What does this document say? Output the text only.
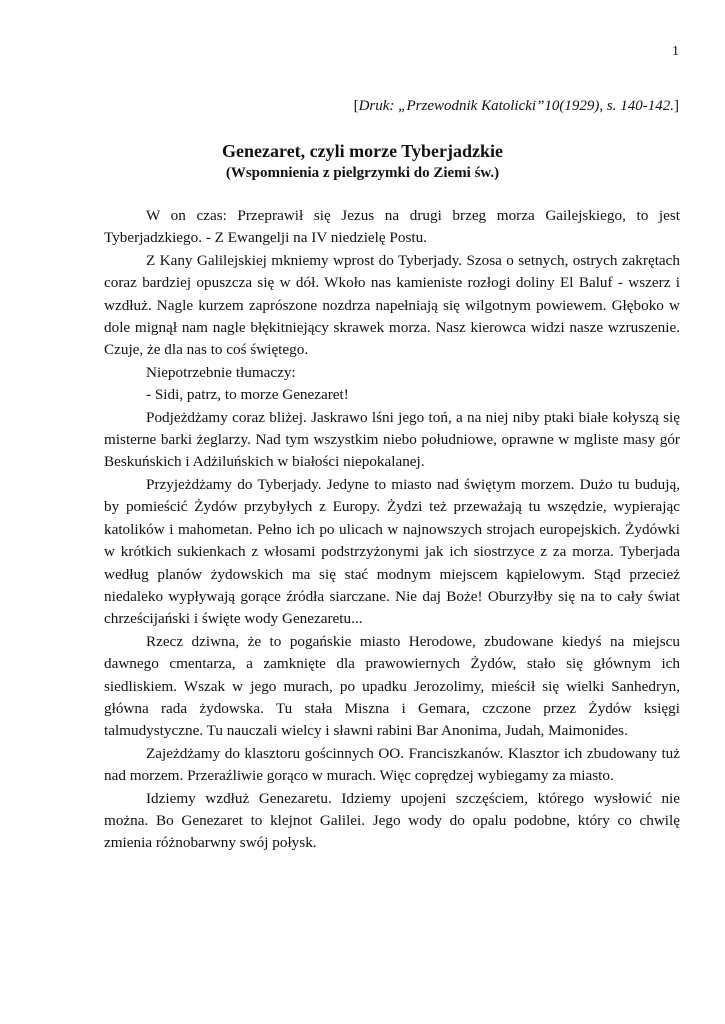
1
[Druk: „Przewodnik Katolicki”10(1929), s. 140-142.]
Genezaret, czyli morze Tyberjadzkie
(Wspomnienia z pielgrzymki do Ziemi św.)

W on czas: Przeprawił się Jezus na drugi brzeg morza Gailejskiego, to jest Tyberjadzkiego. - Z Ewangelji na IV niedzielę Postu.

Z Kany Galilejskiej mkniemy wprost do Tyberjady. Szosa o setnych, ostrych zakrętach coraz bardziej opuszcza się w dół. Wkoło nas kamieniste rozłogi doliny El Baluf - wszerz i wzdłuż. Nagle kurzem zaprószone nozdrza napełniają się wilgotnym powiewem. Głęboko w dole mignął nam nagle błękitniejący skrawek morza. Nasz kierowca widzi nasze wzruszenie. Czuje, że dla nas to coś świętego.

Niepotrzebnie tłumaczy:

- Sidi, patrz, to morze Genezaret!

Podjeżdżamy coraz bliżej. Jaskrawo lśni jego toń, a na niej niby ptaki białe kołyszą się misterne barki żeglarzy. Nad tym wszystkim niebo południowe, oprawne w mgliste masy gór Beskuńskich i Adżiluńskich w białości niepokalanej.

Przyjeżdżamy do Tyberjady. Jedyne to miasto nad świętym morzem. Dużo tu budują, by pomieścić Żydów przybyłych z Europy. Żydzi też przeważają tu wszędzie, wypierając katolików i mahometan. Pełno ich po ulicach w najnowszych strojach europejskich. Żydówki w krótkich sukienkach z włosami podstrzyżonymi jak ich siostrzyce z za morza. Tyberjada według planów żydowskich ma się stać modnym miejscem kąpielowym. Stąd przecież niedaleko wypływają gorące źródła siarczane. Nie daj Boże! Oburzyłby się na to cały świat chrześcijański i święte wody Genezaretu...

Rzecz dziwna, że to pogańskie miasto Herodowe, zbudowane kiedyś na miejscu dawnego cmentarza, a zamknięte dla prawowiernych Żydów, stało się głównym ich siedliskiem. Wszak w jego murach, po upadku Jerozolimy, mieścił się wielki Sanhedryn, główna rada żydowska. Tu stała Miszna i Gemara, czczone przez Żydów księgi talmudystyczne. Tu nauczali wielcy i sławni rabini Bar Anonima, Judah, Maimonides.

Zajeżdżamy do klasztoru gościnnych OO. Franciszkanów. Klasztor ich zbudowany tuż nad morzem. Przeraźliwie gorąco w murach. Więc coprędzej wybiegamy za miasto.

Idziemy wzdłuż Genezaretu. Idziemy upojeni szczęściem, którego wysłowić nie można. Bo Genezaret to klejnot Galilei. Jego wody do opalu podobne, który co chwilę zmienia różnobarwny swój połysk.
